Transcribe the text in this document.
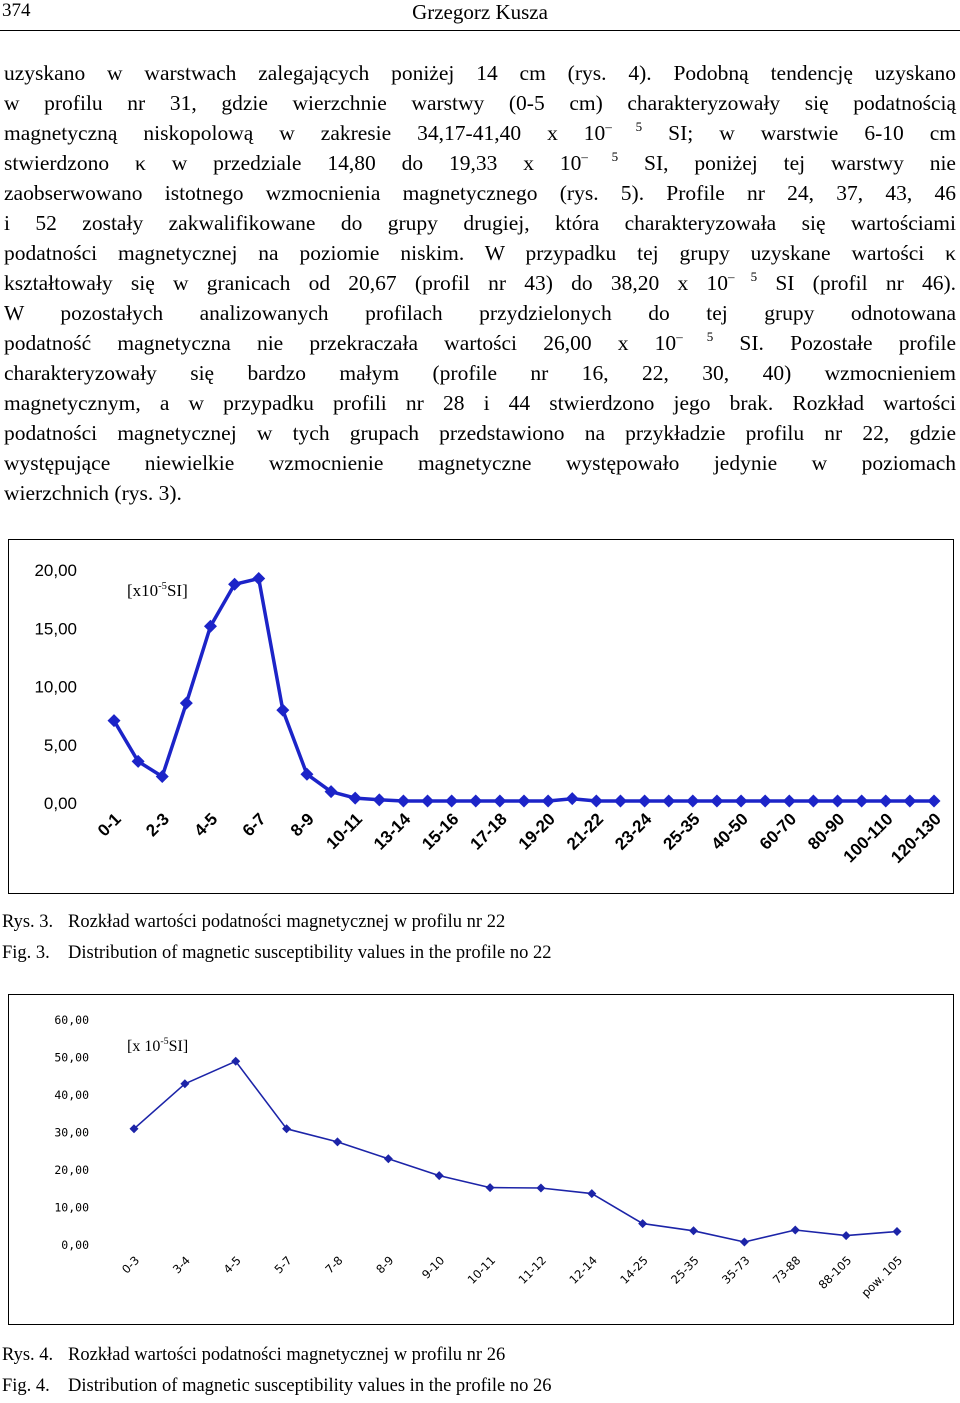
374	Grzegorz Kusza
uzyskano w warstwach zalegających poniżej 14 cm (rys. 4). Podobną tendencję uzyskano
w profilu nr 31, gdzie wierzchnie warstwy (0-5 cm) charakteryzowały się podatnością
magnetyczną niskopolową w zakresie 34,17-41,40 x $10^{- 5}$ SI; w warstwie 6-10 cm
stwierdzono κ w przedziale 14,80 do 19,33 x $10^{- 5}$ SI, poniżej tej warstwy nie
zaobserwowano istotnego wzmocnienia magnetycznego (rys. 5). Profile nr 24, 37, 43, 46
i 52 zostały zakwalifikowane do grupy drugiej, która charakteryzowała się wartościami
podatności magnetycznej na poziomie niskim. W przypadku tej grupy uzyskane wartości κ
kształtowały się w granicach od 20,67 (profil nr 43) do 38,20 x $10^{- 5}$ SI (profil nr 46).
W pozostałych analizowanych profilach przydzielonych do tej grupy odnotowana
podatność magnetyczna nie przekraczała wartości 26,00 x $10^{- 5}$ SI. Pozostałe profile
charakteryzowały się bardzo małym (profile nr 16, 22, 30, 40) wzmocnieniem
magnetycznym, a w przypadku profili nr 28 i 44 stwierdzono jego brak. Rozkład wartości
podatności magnetycznej w tych grupach przedstawiono na przykładzie profilu nr 22, gdzie
występujące niewielkie wzmocnienie magnetyczne występowało jedynie w poziomach
wierzchnich (rys. 3).
0,00
5,00
10,00
15,00
20,00
$[x10^{-5}SI]$
0-1 2-3 4-5 6-7 8-9 10-11 13-14 15-16 17-18 19-20 21-22 23-24 25-35 40-50 60-70 80-90
100-110
120-130
Rys. 3. Rozkład wartości podatności magnetycznej w profilu nr 22
Fig. 3. Distribution of magnetic susceptibility values in the profile no 22
0,00
10,00
20,00
30,00
40,00
50,00
60,00
[x $10^{-5}SI$]
0-3 3-4 4-5 5-7 7-8 8-9 9-10 10-11 11-12 12-14 14-25 25-35 35-73 73-88 88-105 pow. 105
Rys. 4. Rozkład wartości podatności magnetycznej w profilu nr 26
Fig. 4. Distribution of magnetic susceptibility values in the profile no 26
